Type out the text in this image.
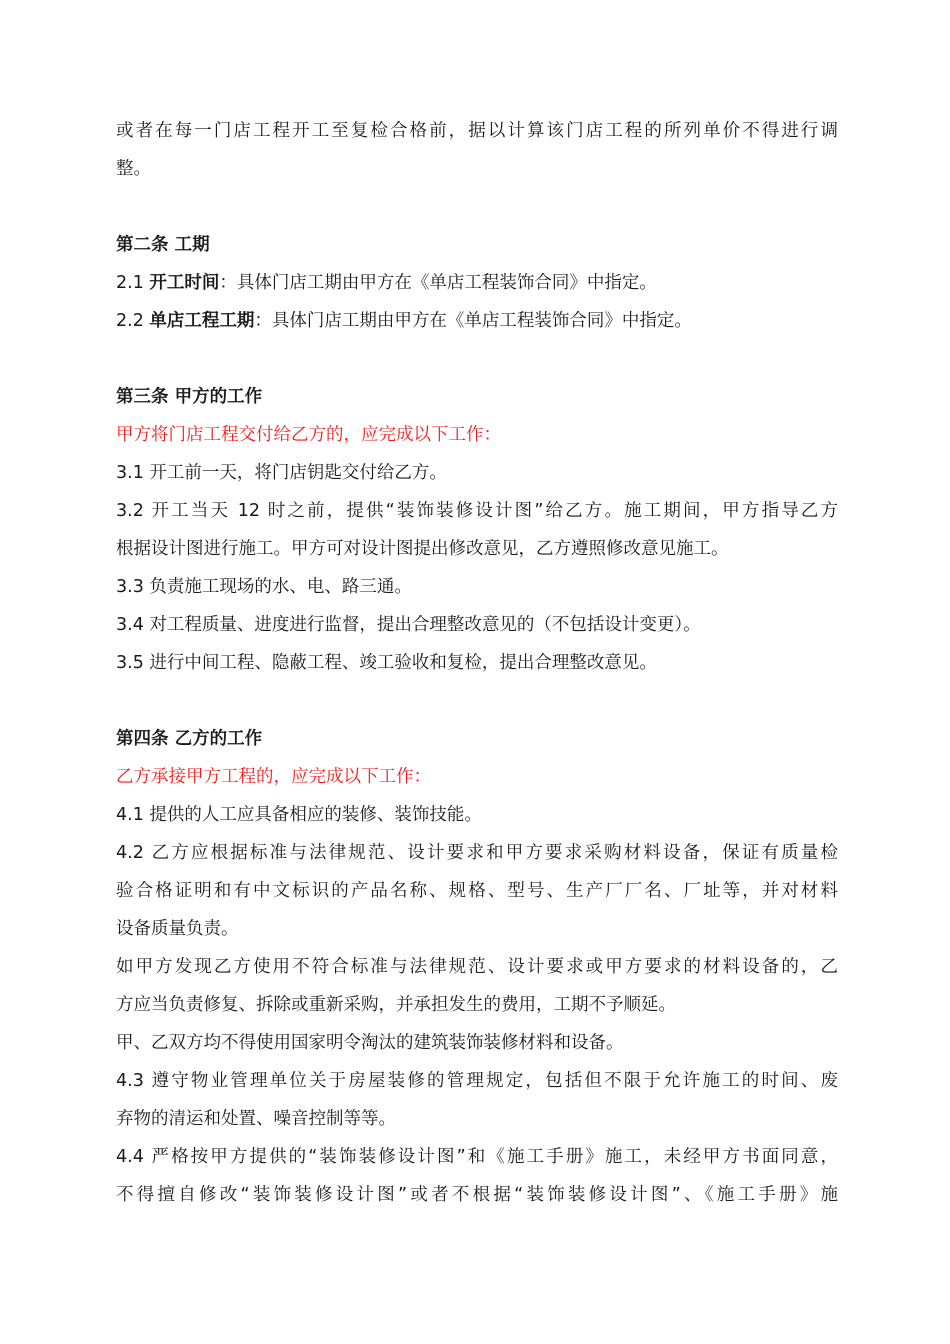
或者在每一门店工程开工至复检合格前，据以计算该门店工程的所列单价不得进行调
整。
第二条 工期
2.1 开工时间：具体门店工期由甲方在《单店工程装饰合同》中指定。
2.2 单店工程工期：具体门店工期由甲方在《单店工程装饰合同》中指定。
第三条 甲方的工作
甲方将门店工程交付给乙方的，应完成以下工作：
3.1 开工前一天，将门店钥匙交付给乙方。
3.2 开工当天 12 时之前，提供“装饰装修设计图”给乙方。施工期间，甲方指导乙方
根据设计图进行施工。甲方可对设计图提出修改意见，乙方遵照修改意见施工。
3.3 负责施工现场的水、电、路三通。
3.4 对工程质量、进度进行监督，提出合理整改意见的（不包括设计变更）。
3.5 进行中间工程、隐蔽工程、竣工验收和复检，提出合理整改意见。
第四条 乙方的工作
乙方承接甲方工程的，应完成以下工作：
4.1 提供的人工应具备相应的装修、装饰技能。
4.2 乙方应根据标准与法律规范、设计要求和甲方要求采购材料设备，保证有质量检
验合格证明和有中文标识的产品名称、规格、型号、生产厂厂名、厂址等，并对材料
设备质量负责。
如甲方发现乙方使用不符合标准与法律规范、设计要求或甲方要求的材料设备的，乙
方应当负责修复、拆除或重新采购，并承担发生的费用，工期不予顺延。
甲、乙双方均不得使用国家明令淘汰的建筑装饰装修材料和设备。
4.3 遵守物业管理单位关于房屋装修的管理规定，包括但不限于允许施工的时间、废
弃物的清运和处置、噪音控制等等。
4.4 严格按甲方提供的“装饰装修设计图”和《施工手册》施工，未经甲方书面同意，
不得擅自修改“装饰装修设计图”或者不根据“装饰装修设计图”、《施工手册》施
